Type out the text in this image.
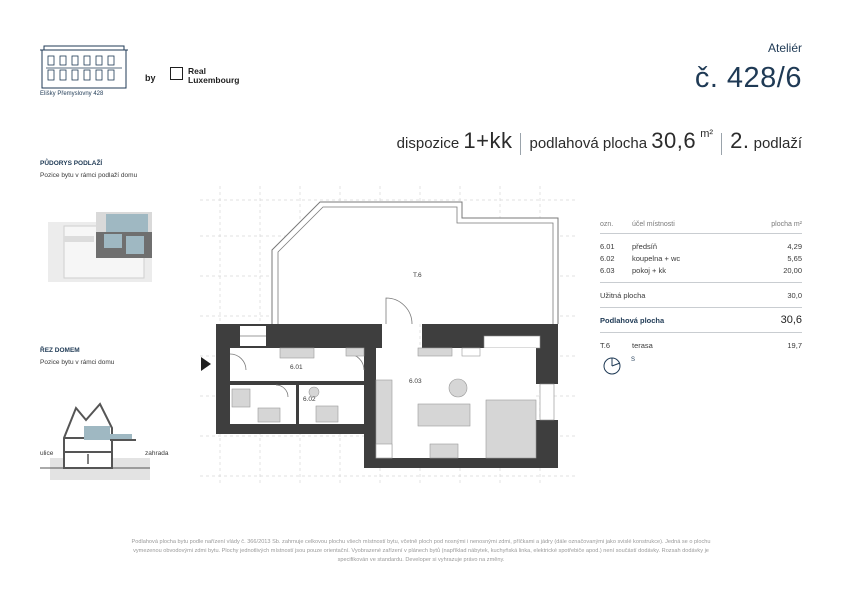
Elišky Přemyslovny 428
by
Real
Luxembourg
Ateliér
č. 428/6
dispozice 1+kk podlahová plocha 30,6 $^{m^2}$ 2. podlaží
PŮDORYS PODLAŽÍ
Pozice bytu v rámci podlaží domu
ŘEZ DOMEM
Pozice bytu v rámci domu
ulice	zahrada
T.6
6.01
6.02
6.03
ozn.	účel místnosti	plocha m²
6.01	předsíň	4,29
6.02	koupelna + wc	5,65
6.03	pokoj + kk	20,00
Užitná plocha	30,0
Podlahová plocha	30,6
T.6	terasa	19,7
S
Podlahová plocha bytu podle nařízení vlády č. 366/2013 Sb. zahrnuje celkovou plochu všech místností bytu, včetně ploch pod nosnými i nenosnými zdmi, příčkami a jádry (dále označovanými jako svislé konstrukce). Jedná se o plochu
vymezenou obvodovými zdmi bytu. Plochy jednotlivých místností jsou pouze orientační. Vyobrazené zařízení v plánech bytů (například nábytek, kuchyňská linka, elektrické spotřebiče apod.) není součástí dodávky. Rozsah dodávky je
specifikován ve standardu. Developer si vyhrazuje právo na změny.
